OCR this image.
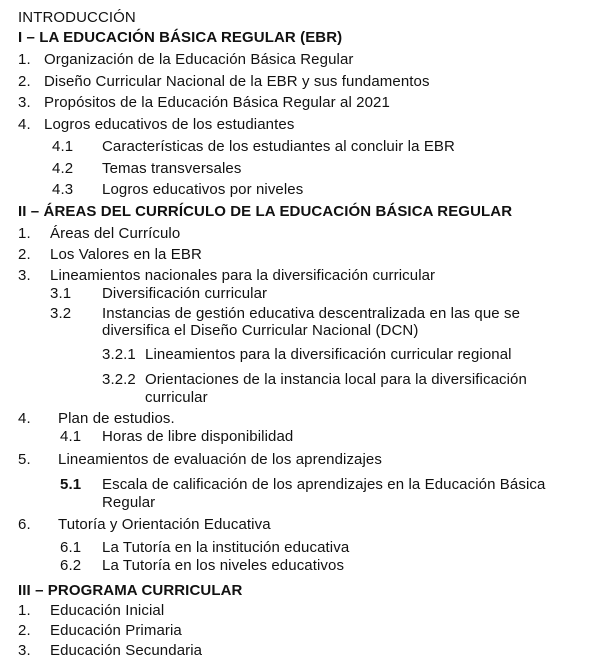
INTRODUCCIÓN
I – LA EDUCACIÓN BÁSICA REGULAR (EBR)
1. Organización de la Educación Básica Regular
2. Diseño Curricular Nacional de la EBR y sus fundamentos
3. Propósitos de la Educación Básica Regular al 2021
4. Logros educativos de los estudiantes
4.1 Características de los estudiantes al concluir la EBR
4.2 Temas transversales
4.3 Logros educativos por niveles
II – ÁREAS DEL CURRÍCULO DE LA EDUCACIÓN BÁSICA REGULAR
1. Áreas del Currículo
2. Los Valores en la EBR
3. Lineamientos nacionales para la diversificación curricular
3.1 Diversificación curricular
3.2 Instancias de gestión educativa descentralizada en las que se
diversifica el Diseño Curricular Nacional (DCN)
3.2.1 Lineamientos para la diversificación curricular regional
3.2.2 Orientaciones de la instancia local para la diversificación
curricular
4. Plan de estudios.
4.1 Horas de libre disponibilidad
5. Lineamientos de evaluación de los aprendizajes
5.1 Escala de calificación de los aprendizajes en la Educación Básica
Regular
6. Tutoría y Orientación Educativa
6.1 La Tutoría en la institución educativa
6.2 La Tutoría en los niveles educativos
III – PROGRAMA CURRICULAR
1. Educación Inicial
2. Educación Primaria
3. Educación Secundaria
